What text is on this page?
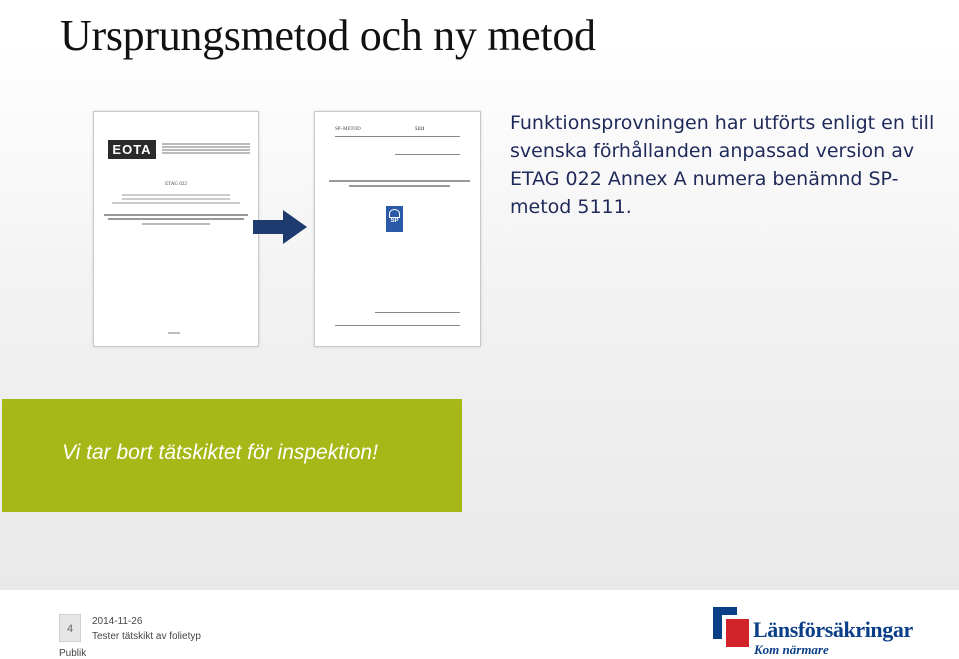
Ursprungsmetod och ny metod
EOTA
ETAG 022
SP–METOD	5111
SP
Funktionsprovningen har utförts enligt en till svenska förhållanden anpassad version av ETAG 022 Annex A numera benämnd SP-metod 5111.
Vi tar bort tätskiktet för inspektion!
4
2014-11-26
Tester tätskikt av folietyp
Publik
Länsförsäkringar
Kom närmare
